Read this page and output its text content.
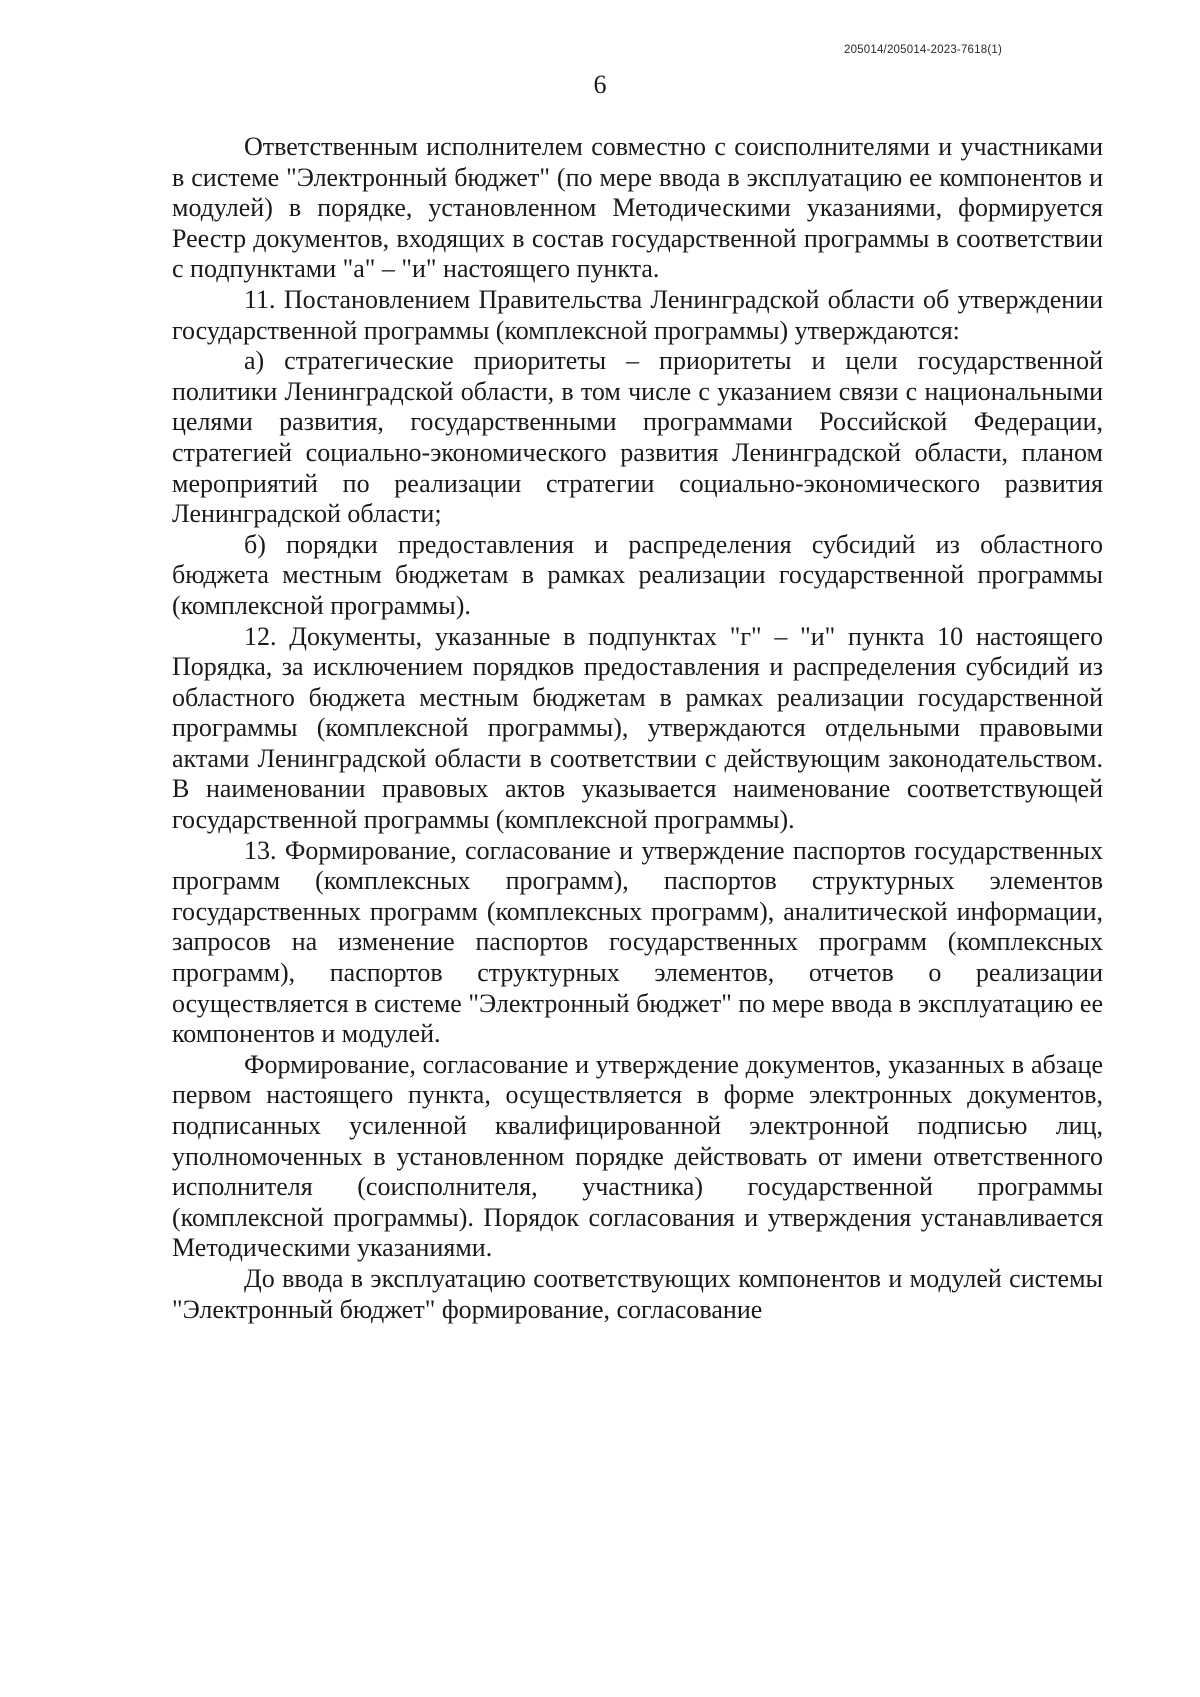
205014/205014-2023-7618(1)
6

Ответственным исполнителем совместно с соисполнителями и участниками в системе "Электронный бюджет" (по мере ввода в эксплуатацию ее компонентов и модулей) в порядке, установленном Методическими указаниями, формируется Реестр документов, входящих в состав государственной программы в соответствии с подпунктами "а" – "и" настоящего пункта.

11. Постановлением Правительства Ленинградской области об утверждении государственной программы (комплексной программы) утверждаются:

а) стратегические приоритеты – приоритеты и цели государственной политики Ленинградской области, в том числе с указанием связи с национальными целями развития, государственными программами Российской Федерации, стратегией социально-экономического развития Ленинградской области, планом мероприятий по реализации стратегии социально-экономического развития Ленинградской области;

б) порядки предоставления и распределения субсидий из областного бюджета местным бюджетам в рамках реализации государственной программы (комплексной программы).

12. Документы, указанные в подпунктах "г" – "и" пункта 10 настоящего Порядка, за исключением порядков предоставления и распределения субсидий из областного бюджета местным бюджетам в рамках реализации государственной программы (комплексной программы), утверждаются отдельными правовыми актами Ленинградской области в соответствии с действующим законодательством. В наименовании правовых актов указывается наименование соответствующей государственной программы (комплексной программы).

13. Формирование, согласование и утверждение паспортов государственных программ (комплексных программ), паспортов структурных элементов государственных программ (комплексных программ), аналитической информации, запросов на изменение паспортов государственных программ (комплексных программ), паспортов структурных элементов, отчетов о реализации осуществляется в системе "Электронный бюджет" по мере ввода в эксплуатацию ее компонентов и модулей.

Формирование, согласование и утверждение документов, указанных в абзаце первом настоящего пункта, осуществляется в форме электронных документов, подписанных усиленной квалифицированной электронной подписью лиц, уполномоченных в установленном порядке действовать от имени ответственного исполнителя (соисполнителя, участника) государственной программы (комплексной программы). Порядок согласования и утверждения устанавливается Методическими указаниями.

До ввода в эксплуатацию соответствующих компонентов и модулей системы "Электронный бюджет" формирование, согласование
